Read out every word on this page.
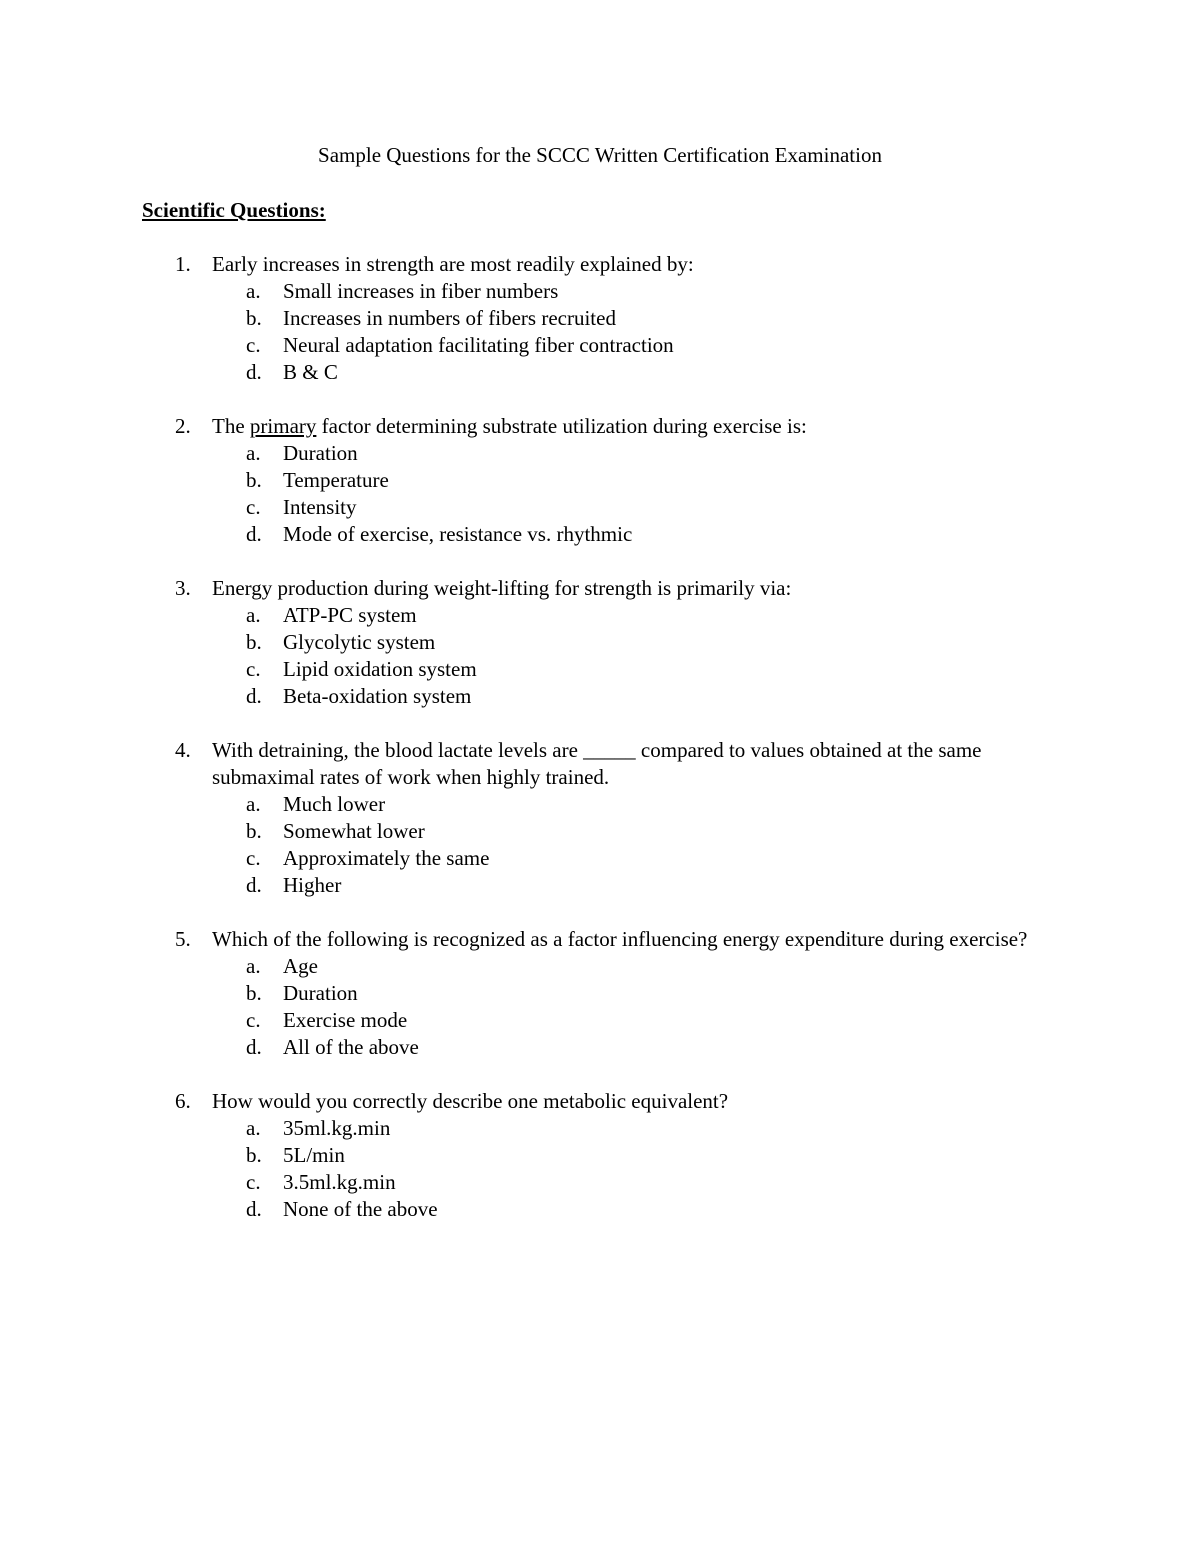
Sample Questions for the SCCC Written Certification Examination
Scientific Questions:
1. Early increases in strength are most readily explained by:
a. Small increases in fiber numbers
b. Increases in numbers of fibers recruited
c. Neural adaptation facilitating fiber contraction
d. B & C
2. The primary factor determining substrate utilization during exercise is:
a. Duration
b. Temperature
c. Intensity
d. Mode of exercise, resistance vs. rhythmic
3. Energy production during weight-lifting for strength is primarily via:
a. ATP-PC system
b. Glycolytic system
c. Lipid oxidation system
d. Beta-oxidation system
4. With detraining, the blood lactate levels are _____ compared to values obtained at the same submaximal rates of work when highly trained.
a. Much lower
b. Somewhat lower
c. Approximately the same
d. Higher
5. Which of the following is recognized as a factor influencing energy expenditure during exercise?
a. Age
b. Duration
c. Exercise mode
d. All of the above
6. How would you correctly describe one metabolic equivalent?
a. 35ml.kg.min
b. 5L/min
c. 3.5ml.kg.min
d. None of the above
